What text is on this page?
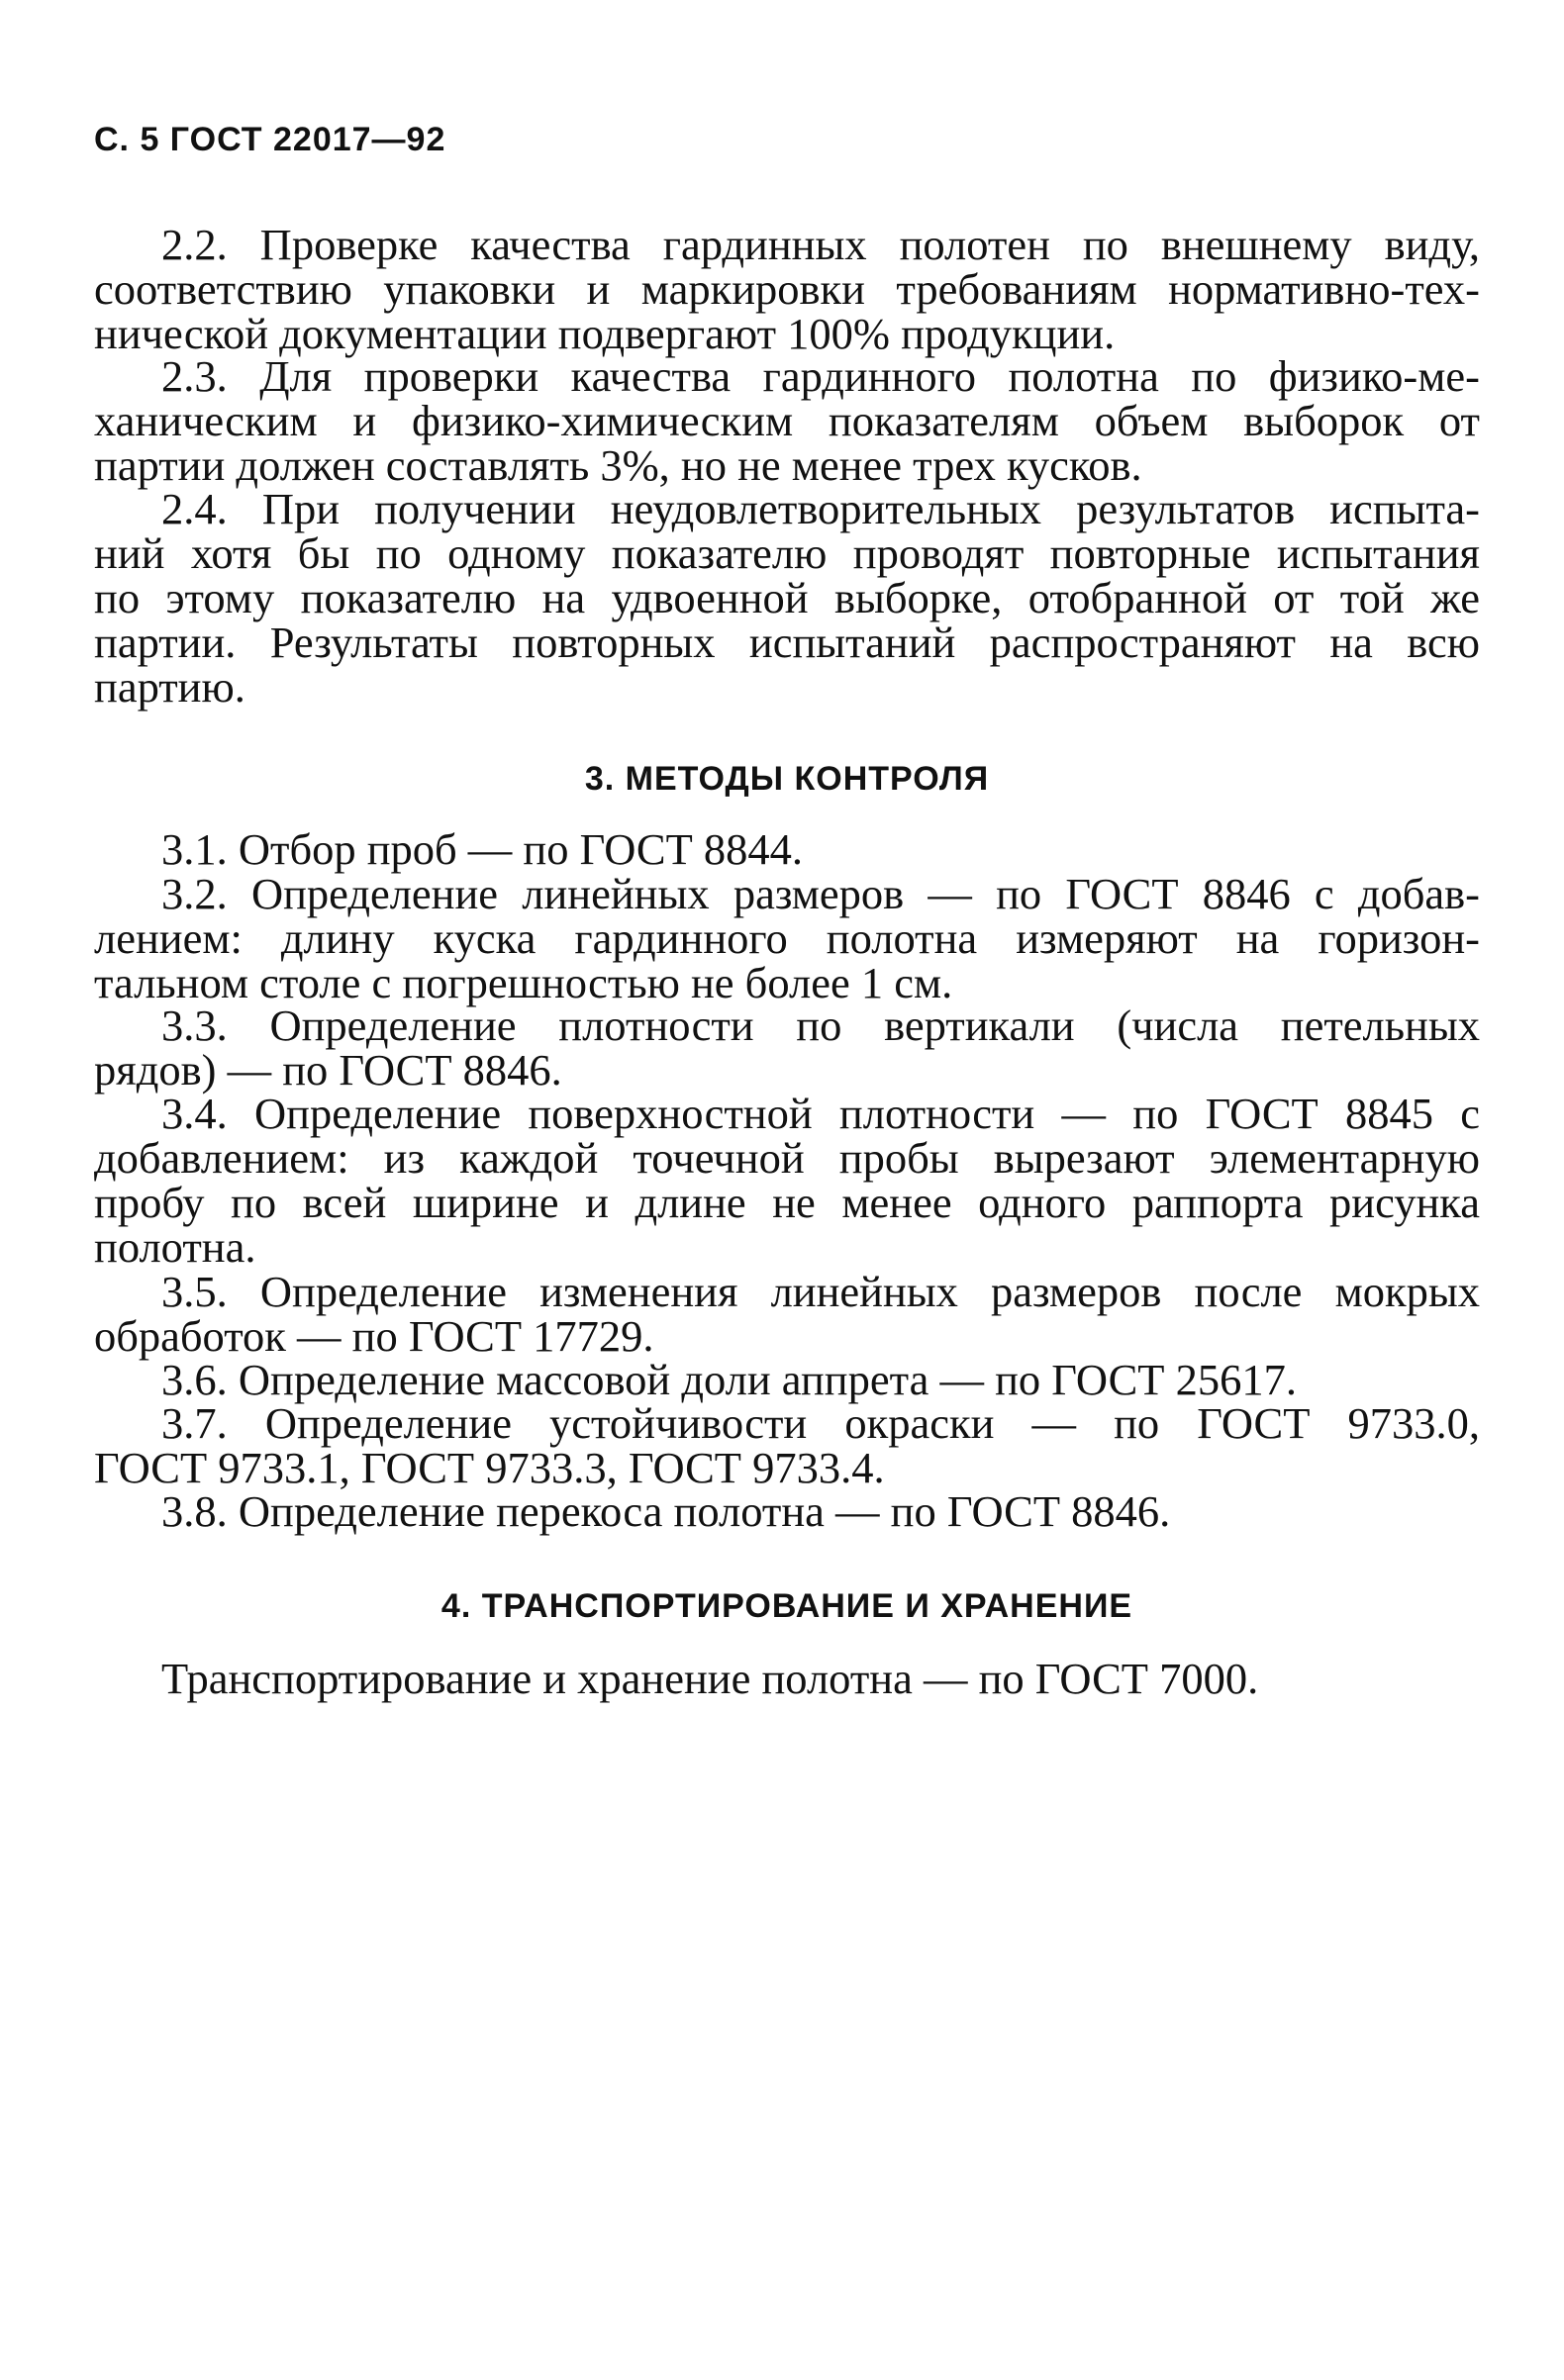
С. 5 ГОСТ 22017—92
2.2. Проверке качества гардинных полотен по внешнему виду,
соответствию упаковки и маркировки требованиям нормативно-тех-
нической документации подвергают 100% продукции.
2.3. Для проверки качества гардинного полотна по физико-ме-
ханическим и физико-химическим показателям объем выборок от
партии должен составлять 3%, но не менее трех кусков.
2.4. При получении неудовлетворительных результатов испыта-
ний хотя бы по одному показателю проводят повторные испытания
по этому показателю на удвоенной выборке, отобранной от той же
партии. Результаты повторных испытаний распространяют на всю
партию.
3. МЕТОДЫ КОНТРОЛЯ
3.1. Отбор проб — по ГОСТ 8844.
3.2. Определение линейных размеров — по ГОСТ 8846 с добав-
лением: длину куска гардинного полотна измеряют на горизон-
тальном столе с погрешностью не более 1 см.
3.3. Определение плотности по вертикали (числа петельных
рядов) — по ГОСТ 8846.
3.4. Определение поверхностной плотности — по ГОСТ 8845 с
добавлением: из каждой точечной пробы вырезают элементарную
пробу по всей ширине и длине не менее одного раппорта рисунка
полотна.
3.5. Определение изменения линейных размеров после мокрых
обработок — по ГОСТ 17729.
3.6. Определение массовой доли аппрета — по ГОСТ 25617.
3.7. Определение устойчивости окраски — по ГОСТ 9733.0,
ГОСТ 9733.1, ГОСТ 9733.3, ГОСТ 9733.4.
3.8. Определение перекоса полотна — по ГОСТ 8846.
4. ТРАНСПОРТИРОВАНИЕ И ХРАНЕНИЕ
Транспортирование и хранение полотна — по ГОСТ 7000.
